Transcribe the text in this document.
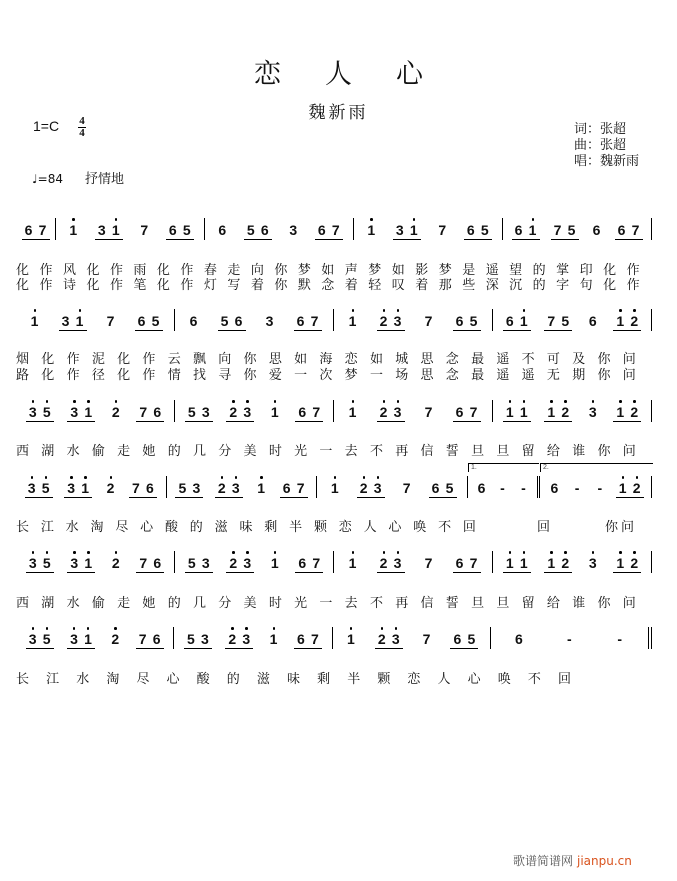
恋人心
魏新雨
1=C 4
4
♩=84 抒情地
词：张超
曲：张超
唱：魏新雨
6 7 1 3 1 7 6 5 6 5 6 3 6 7 1 3 1 7 6 5 6 1 7 5 6 6 7
1 3 1 7 6 5 6 5 6 3 6 7 1 2 3 7 6 5 6 1 7 5 6 1 2
3 5 3 1 2 7 6 5 3 2 3 1 6 7 1 2 3 7 6 7 1 1 1 2 3 1 2
3 5 3 1 2 7 6 5 3 2 3 1 6 7 1 2 3 7 6 5
1.
6	-	-
2.
6	-	-	1 2
3 5 3 1 2 7 6 5 3 2 3 1 6 7 1 2 3 7 6 7 1 1 1 2 3 1 2
3 5 3 1 2 7 6 5 3 2 3 1 6 7 1 2 3 7 6 5	6	-	-
化 作 风 化 作 雨 化 作 春 走 向 你 梦 如 声 梦 如 影 梦 是 遥 望 的 掌 印 化 作
化 作 诗 化 作 笔 化 作 灯 写 着 你 默 念 着 轻 叹 着 那 些 深 沉 的 字 句 化 作
烟 化 作 泥 化 作 云 飘 向 你 思 如 海 恋 如 城 思 念 最 遥 不 可 及 你 问
路 化 作 径 化 作 情 找 寻 你 爱 一 次 梦 一 场 思 念 最 遥 遥 无 期 你 问
西 湖 水 偷 走 她 的 几 分 美 时 光 一 去 不 再 信 誓 旦 旦 留 给 谁 你 问
长 江 水 淘 尽 心 酸 的 滋 味 剩 半 颗 恋 人 心 唤 不 回	回	你问
西 湖 水 偷 走 她 的 几 分 美 时 光 一 去 不 再 信 誓 旦 旦 留 给 谁 你 问
长 江 水 淘 尽 心 酸 的 滋 味 剩 半 颗 恋 人 心 唤 不 回
歌谱简谱网 jianpu.cn
